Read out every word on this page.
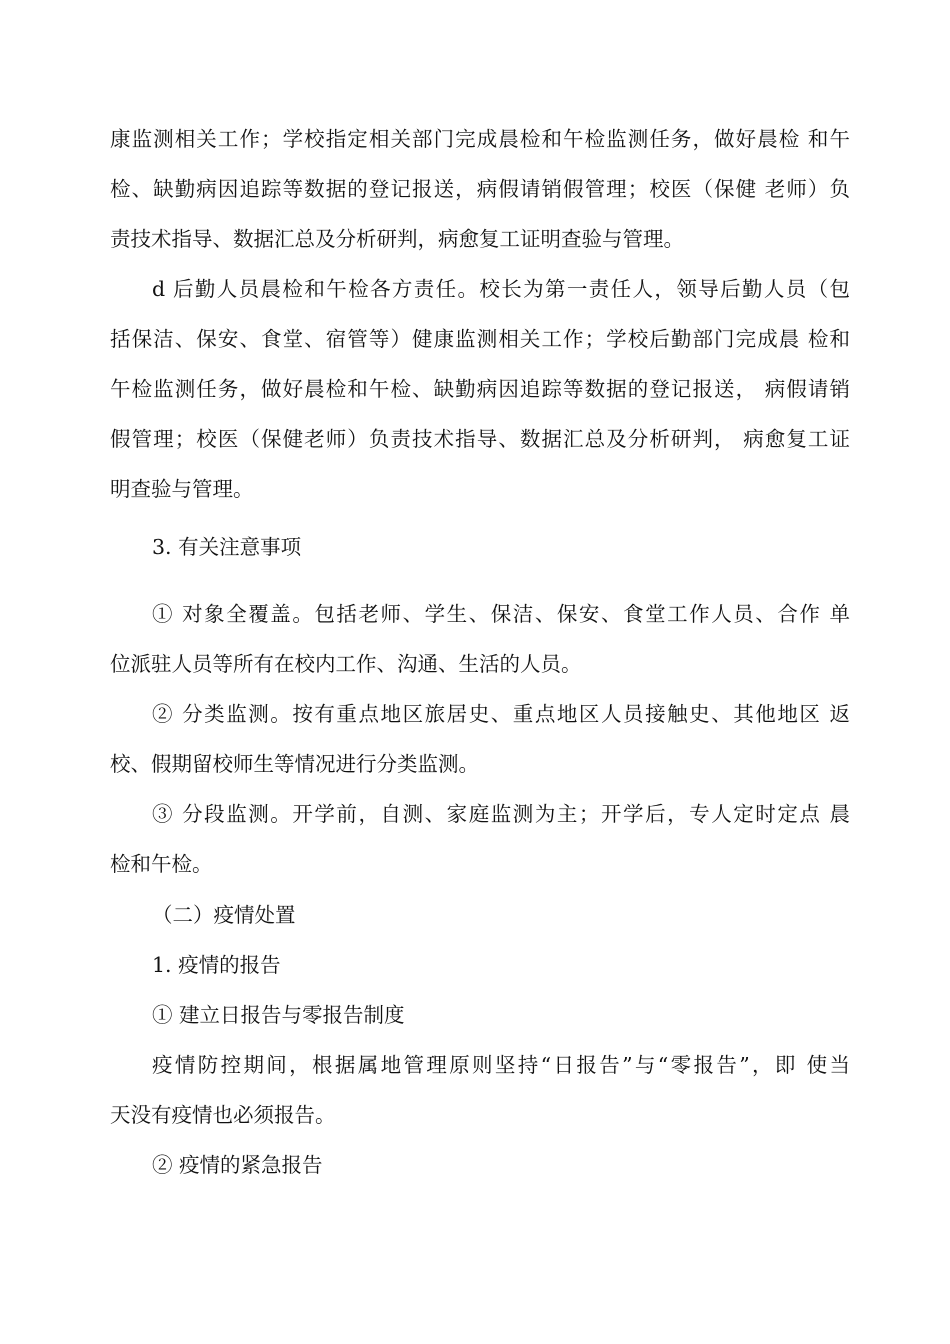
康监测相关工作；学校指定相关部门完成晨检和午检监测任务，做好晨检 和午
检、缺勤病因追踪等数据的登记报送，病假请销假管理；校医（保健 老师）负
责技术指导、数据汇总及分析研判，病愈复工证明查验与管理。
d 后勤人员晨检和午检各方责任。校长为第一责任人，领导后勤人员（包
括保洁、保安、食堂、宿管等）健康监测相关工作；学校后勤部门完成晨 检和
午检监测任务，做好晨检和午检、缺勤病因追踪等数据的登记报送， 病假请销
假管理；校医（保健老师）负责技术指导、数据汇总及分析研判， 病愈复工证
明查验与管理。
3. 有关注意事项
① 对象全覆盖。包括老师、学生、保洁、保安、食堂工作人员、合作 单
位派驻人员等所有在校内工作、沟通、生活的人员。
② 分类监测。按有重点地区旅居史、重点地区人员接触史、其他地区 返
校、假期留校师生等情况进行分类监测。
③ 分段监测。开学前，自测、家庭监测为主；开学后，专人定时定点 晨
检和午检。
（二）疫情处置
1. 疫情的报告
① 建立日报告与零报告制度
疫情防控期间，根据属地管理原则坚持“日报告”与“零报告”，即 使当
天没有疫情也必须报告。
② 疫情的紧急报告
